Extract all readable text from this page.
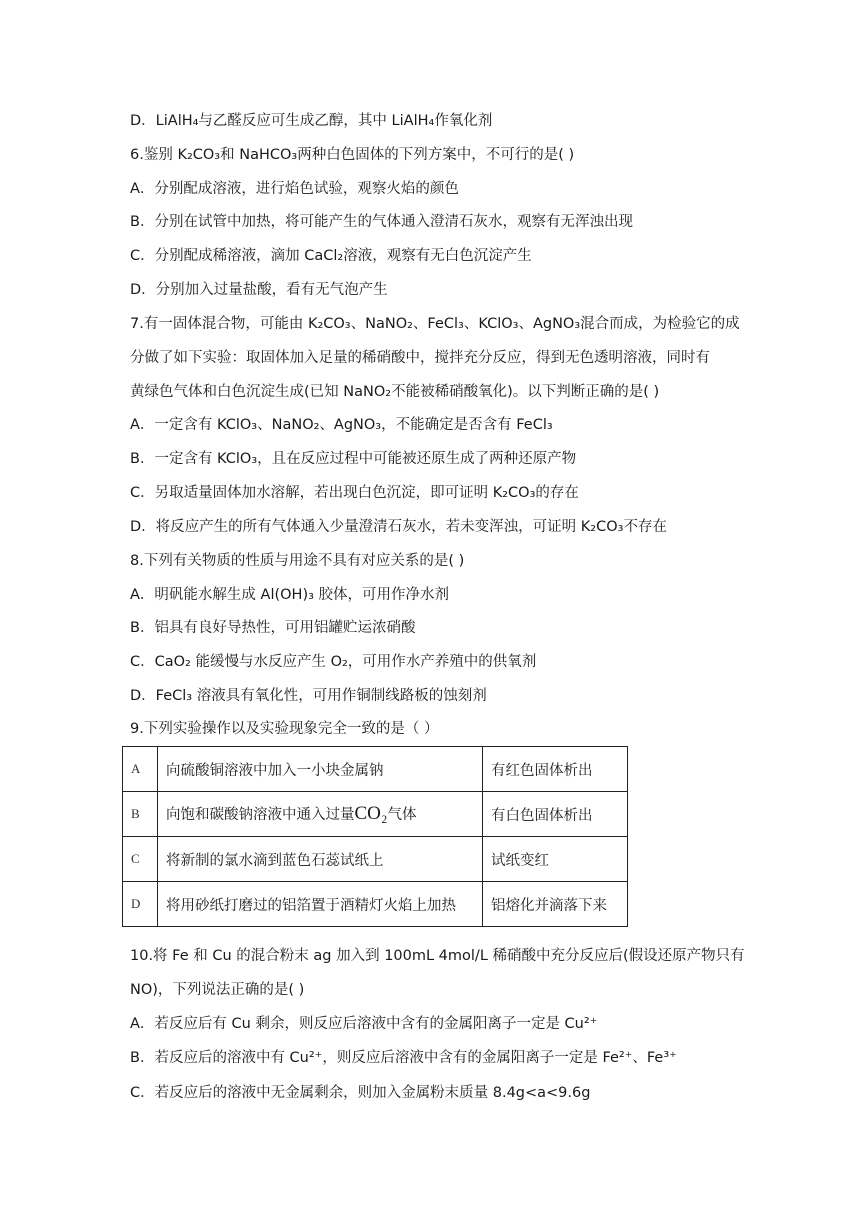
D．LiAlH₄与乙醛反应可生成乙醇，其中 LiAlH₄作氧化剂
6.鉴别 K₂CO₃和 NaHCO₃两种白色固体的下列方案中，不可行的是( )
A．分别配成溶液，进行焰色试验，观察火焰的颜色
B．分别在试管中加热，将可能产生的气体通入澄清石灰水，观察有无浑浊出现
C．分别配成稀溶液，滴加 CaCl₂溶液，观察有无白色沉淀产生
D．分别加入过量盐酸，看有无气泡产生
7.有一固体混合物，可能由 K₂CO₃、NaNO₂、FeCl₃、KClO₃、AgNO₃混合而成，为检验它的成
分做了如下实验：取固体加入足量的稀硝酸中，搅拌充分反应，得到无色透明溶液，同时有
黄绿色气体和白色沉淀生成(已知 NaNO₂不能被稀硝酸氧化)。以下判断正确的是( )
A．一定含有 KClO₃、NaNO₂、AgNO₃，不能确定是否含有 FeCl₃
B．一定含有 KClO₃，且在反应过程中可能被还原生成了两种还原产物
C．另取适量固体加水溶解，若出现白色沉淀，即可证明 K₂CO₃的存在
D．将反应产生的所有气体通入少量澄清石灰水，若未变浑浊，可证明 K₂CO₃不存在
8.下列有关物质的性质与用途不具有对应关系的是( )
A．明矾能水解生成 Al(OH)₃ 胶体，可用作净水剂
B．铝具有良好导热性，可用铝罐贮运浓硝酸
C．CaO₂ 能缓慢与水反应产生 O₂，可用作水产养殖中的供氧剂
D．FeCl₃ 溶液具有氧化性，可用作铜制线路板的蚀刻剂
9.下列实验操作以及实验现象完全一致的是（ ）
A	向硫酸铜溶液中加入一小块金属钠	有红色固体析出
B	向饱和碳酸钠溶液中通入过量CO₂气体	有白色固体析出
C	将新制的氯水滴到蓝色石蕊试纸上	试纸变红
D	将用砂纸打磨过的铝箔置于酒精灯火焰上加热	铝熔化并滴落下来
10.将 Fe 和 Cu 的混合粉末 ag 加入到 100mL 4mol/L 稀硝酸中充分反应后(假设还原产物只有
NO)，下列说法正确的是( )
A．若反应后有 Cu 剩余，则反应后溶液中含有的金属阳离子一定是 Cu²⁺
B．若反应后的溶液中有 Cu²⁺，则反应后溶液中含有的金属阳离子一定是 Fe²⁺、Fe³⁺
C．若反应后的溶液中无金属剩余，则加入金属粉末质量 8.4g<a<9.6g
